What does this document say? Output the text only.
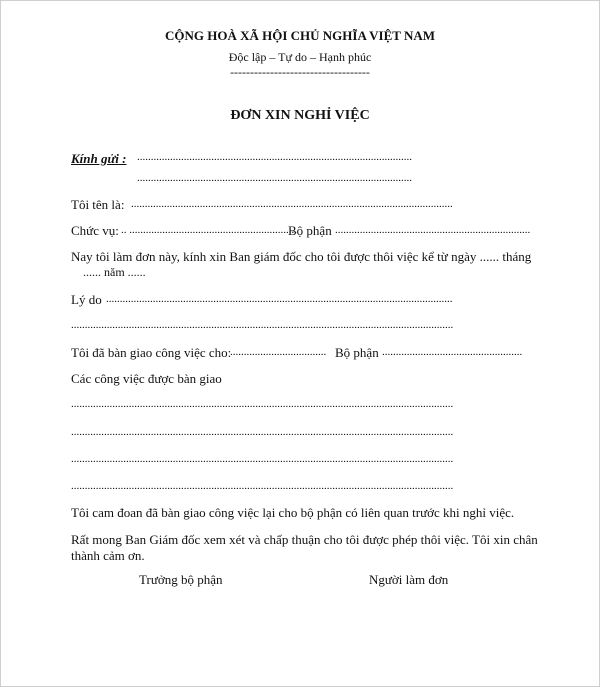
CỘNG HOÀ XÃ HỘI CHỦ NGHĨA VIỆT NAM
Độc lập – Tự do – Hạnh phúc
-----------------------------------
ĐƠN XIN NGHỈ VIỆC
Kính gửi : ....................................................................................................
....................................................................................................
Tôi tên là: .....................................................................................................................
Chức vụ: .. .............................................................
Bộ phận .......................................................................
Nay tôi làm đơn này, kính xin Ban giám đốc cho tôi được thôi việc kể từ ngày ...... tháng
...... năm ......
Lý do ..............................................................................................................................
...........................................................................................................................................
Tôi đã bàn giao công việc cho:
................................... Bộ phận ...................................................
Các công việc được bàn giao
...........................................................................................................................................
...........................................................................................................................................
...........................................................................................................................................
...........................................................................................................................................
Tôi cam đoan đã bàn giao công việc lại cho bộ phận có liên quan trước khi nghỉ việc.
Rất mong Ban Giám đốc xem xét và chấp thuận cho tôi được phép thôi việc. Tôi xin chân
thành cảm ơn.
Trưởng bộ phận	Người làm đơn
